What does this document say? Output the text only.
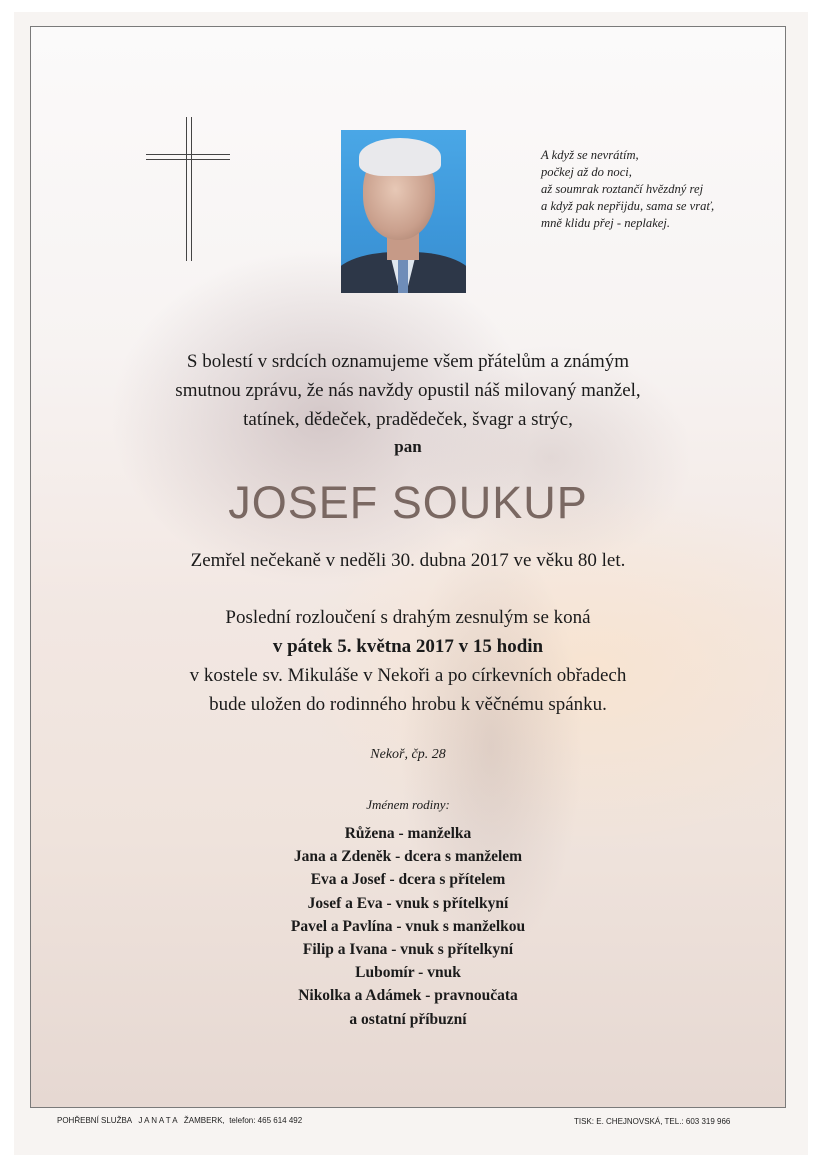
A když se nevrátím,
počkej až do noci,
až soumrak roztančí hvězdný rej
a když pak nepřijdu, sama se vrať,
mně klidu přej - neplakej.
S bolestí v srdcích oznamujeme všem přátelům a známým
smutnou zprávu, že nás navždy opustil náš milovaný manžel,
tatínek, dědeček, pradědeček, švagr a strýc,
pan
JOSEF SOUKUP
Zemřel nečekaně v neděli 30. dubna 2017 ve věku 80 let.
Poslední rozloučení s drahým zesnulým se koná
v pátek 5. května 2017 v 15 hodin
v kostele sv. Mikuláše v Nekoři a po církevních obřadech
bude uložen do rodinného hrobu k věčnému spánku.
Nekoř, čp. 28
Jménem rodiny:
Růžena - manželka
Jana a Zdeněk - dcera s manželem
Eva a Josef - dcera s přítelem
Josef a Eva - vnuk s přítelkyní
Pavel a Pavlína - vnuk s manželkou
Filip a Ivana - vnuk s přítelkyní
Lubomír - vnuk
Nikolka a Adámek - pravnoučata
a ostatní příbuzní
POHŘEBNÍ SLUŽBA   J A N A T A   ŽAMBERK,  telefon: 465 614 492	TISK: E. CHEJNOVSKÁ, TEL.: 603 319 966
